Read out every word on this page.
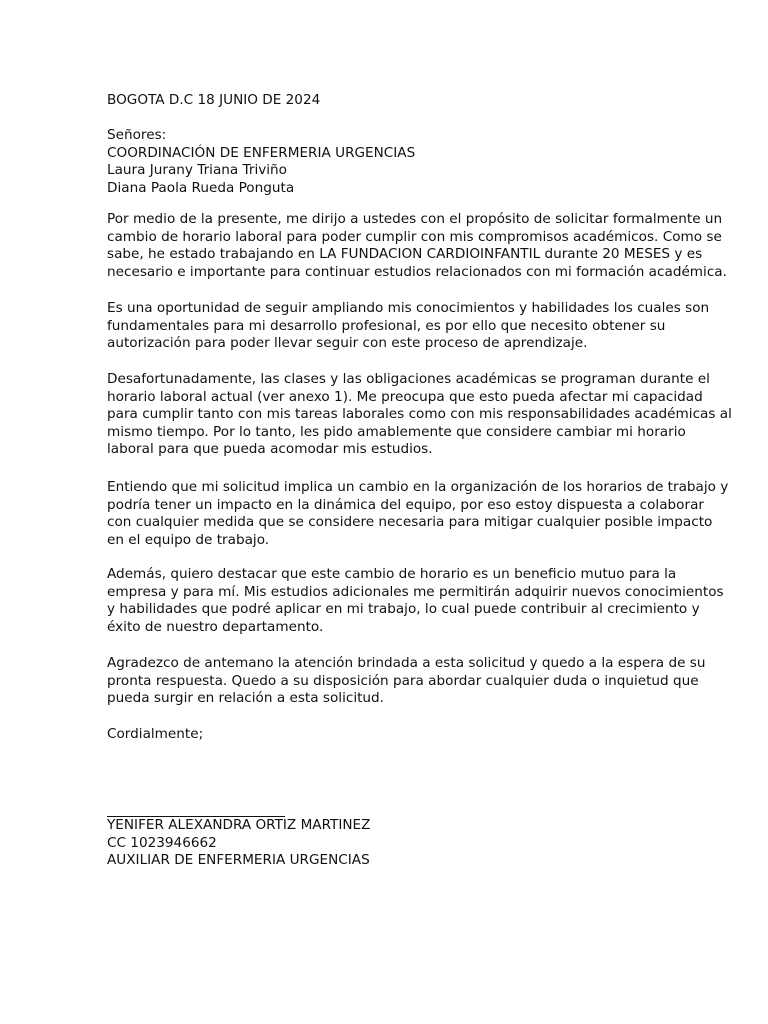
BOGOTA D.C 18 JUNIO DE 2024
Señores:
COORDINACIÓN DE ENFERMERIA URGENCIAS
Laura Jurany Triana Triviño
Diana Paola Rueda Ponguta
Por medio de la presente, me dirijo a ustedes con el propósito de solicitar formalmente un
cambio de horario laboral para poder cumplir con mis compromisos académicos. Como se
sabe, he estado trabajando en LA FUNDACION CARDIOINFANTIL durante 20 MESES y es
necesario e importante para continuar estudios relacionados con mi formación académica.
Es una oportunidad de seguir ampliando mis conocimientos y habilidades los cuales son
fundamentales para mi desarrollo profesional, es por ello que necesito obtener su
autorización para poder llevar seguir con este proceso de aprendizaje.
Desafortunadamente, las clases y las obligaciones académicas se programan durante el
horario laboral actual (ver anexo 1). Me preocupa que esto pueda afectar mi capacidad
para cumplir tanto con mis tareas laborales como con mis responsabilidades académicas al
mismo tiempo. Por lo tanto, les pido amablemente que considere cambiar mi horario
laboral para que pueda acomodar mis estudios.
Entiendo que mi solicitud implica un cambio en la organización de los horarios de trabajo y
podría tener un impacto en la dinámica del equipo, por eso estoy dispuesta a colaborar
con cualquier medida que se considere necesaria para mitigar cualquier posible impacto
en el equipo de trabajo.
Además, quiero destacar que este cambio de horario es un beneficio mutuo para la
empresa y para mí. Mis estudios adicionales me permitirán adquirir nuevos conocimientos
y habilidades que podré aplicar en mi trabajo, lo cual puede contribuir al crecimiento y
éxito de nuestro departamento.
Agradezco de antemano la atención brindada a esta solicitud y quedo a la espera de su
pronta respuesta. Quedo a su disposición para abordar cualquier duda o inquietud que
pueda surgir en relación a esta solicitud.
Cordialmente;
YENIFER ALEXANDRA ORTIZ MARTINEZ
CC 1023946662
AUXILIAR DE ENFERMERIA URGENCIAS
